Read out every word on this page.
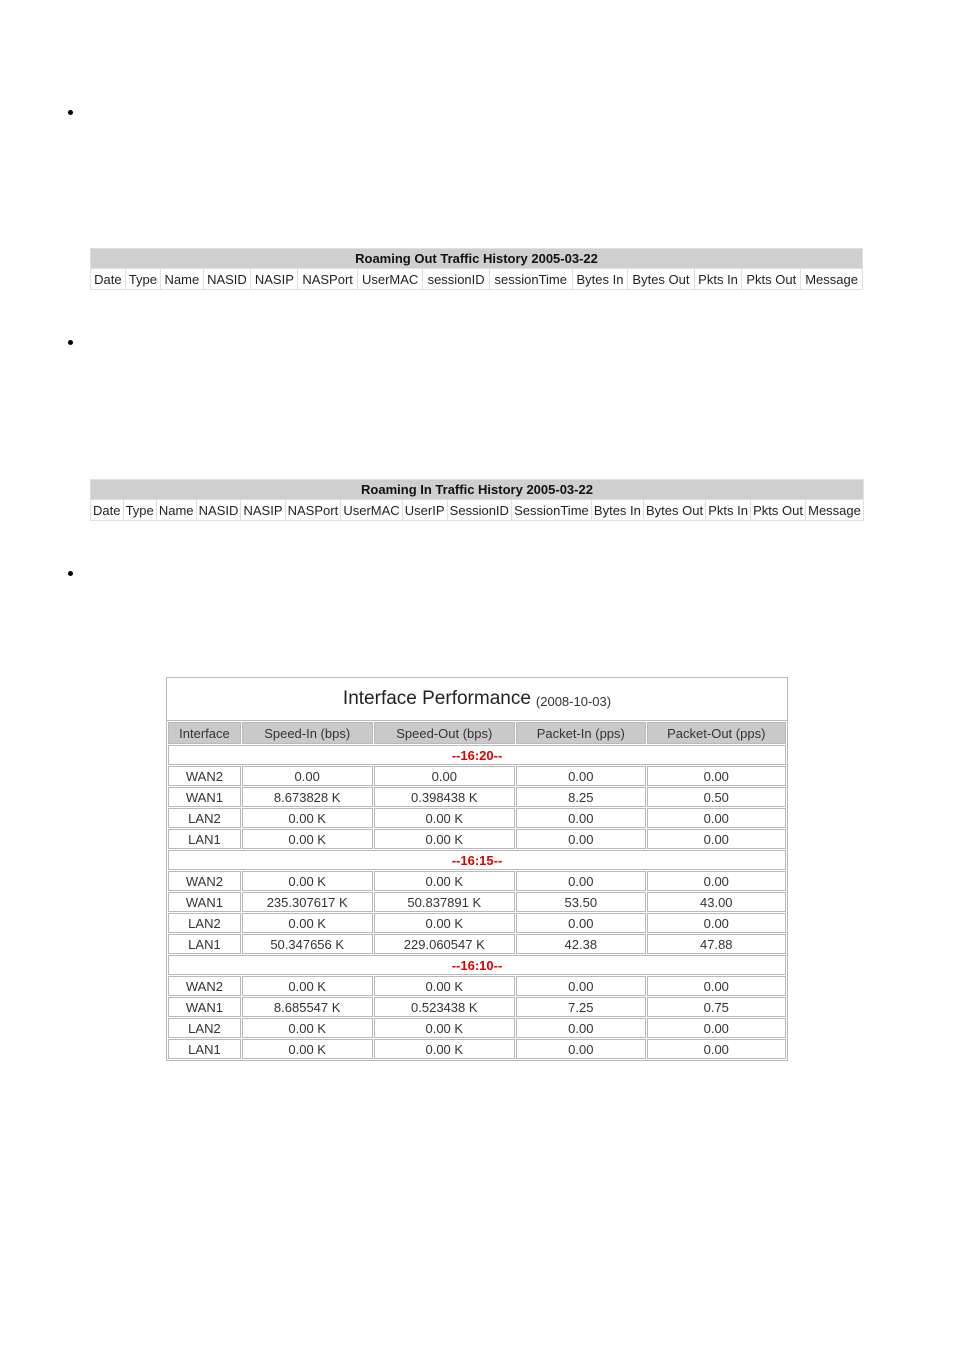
Roaming Out Traffic History 2005-03-22
Date	Type	Name	NASID	NASIP	NASPort	UserMAC	sessionID	sessionTime	Bytes In	Bytes Out	Pkts In	Pkts Out	Message
Roaming In Traffic History 2005-03-22
Date	Type	Name	NASID	NASIP	NASPort	UserMAC	UserIP	SessionID	SessionTime	Bytes In	Bytes Out	Pkts In	Pkts Out	Message
Interface Performance (2008-10-03)
Interface	Speed-In (bps)	Speed-Out (bps)	Packet-In (pps)	Packet-Out (pps)
--16:20--				
WAN2	0.00	0.00	0.00	0.00
WAN1	8.673828 K	0.398438 K	8.25	0.50
LAN2	0.00 K	0.00 K	0.00	0.00
LAN1	0.00 K	0.00 K	0.00	0.00
--16:15--				
WAN2	0.00 K	0.00 K	0.00	0.00
WAN1	235.307617 K	50.837891 K	53.50	43.00
LAN2	0.00 K	0.00 K	0.00	0.00
LAN1	50.347656 K	229.060547 K	42.38	47.88
--16:10--				
WAN2	0.00 K	0.00 K	0.00	0.00
WAN1	8.685547 K	0.523438 K	7.25	0.75
LAN2	0.00 K	0.00 K	0.00	0.00
LAN1	0.00 K	0.00 K	0.00	0.00
